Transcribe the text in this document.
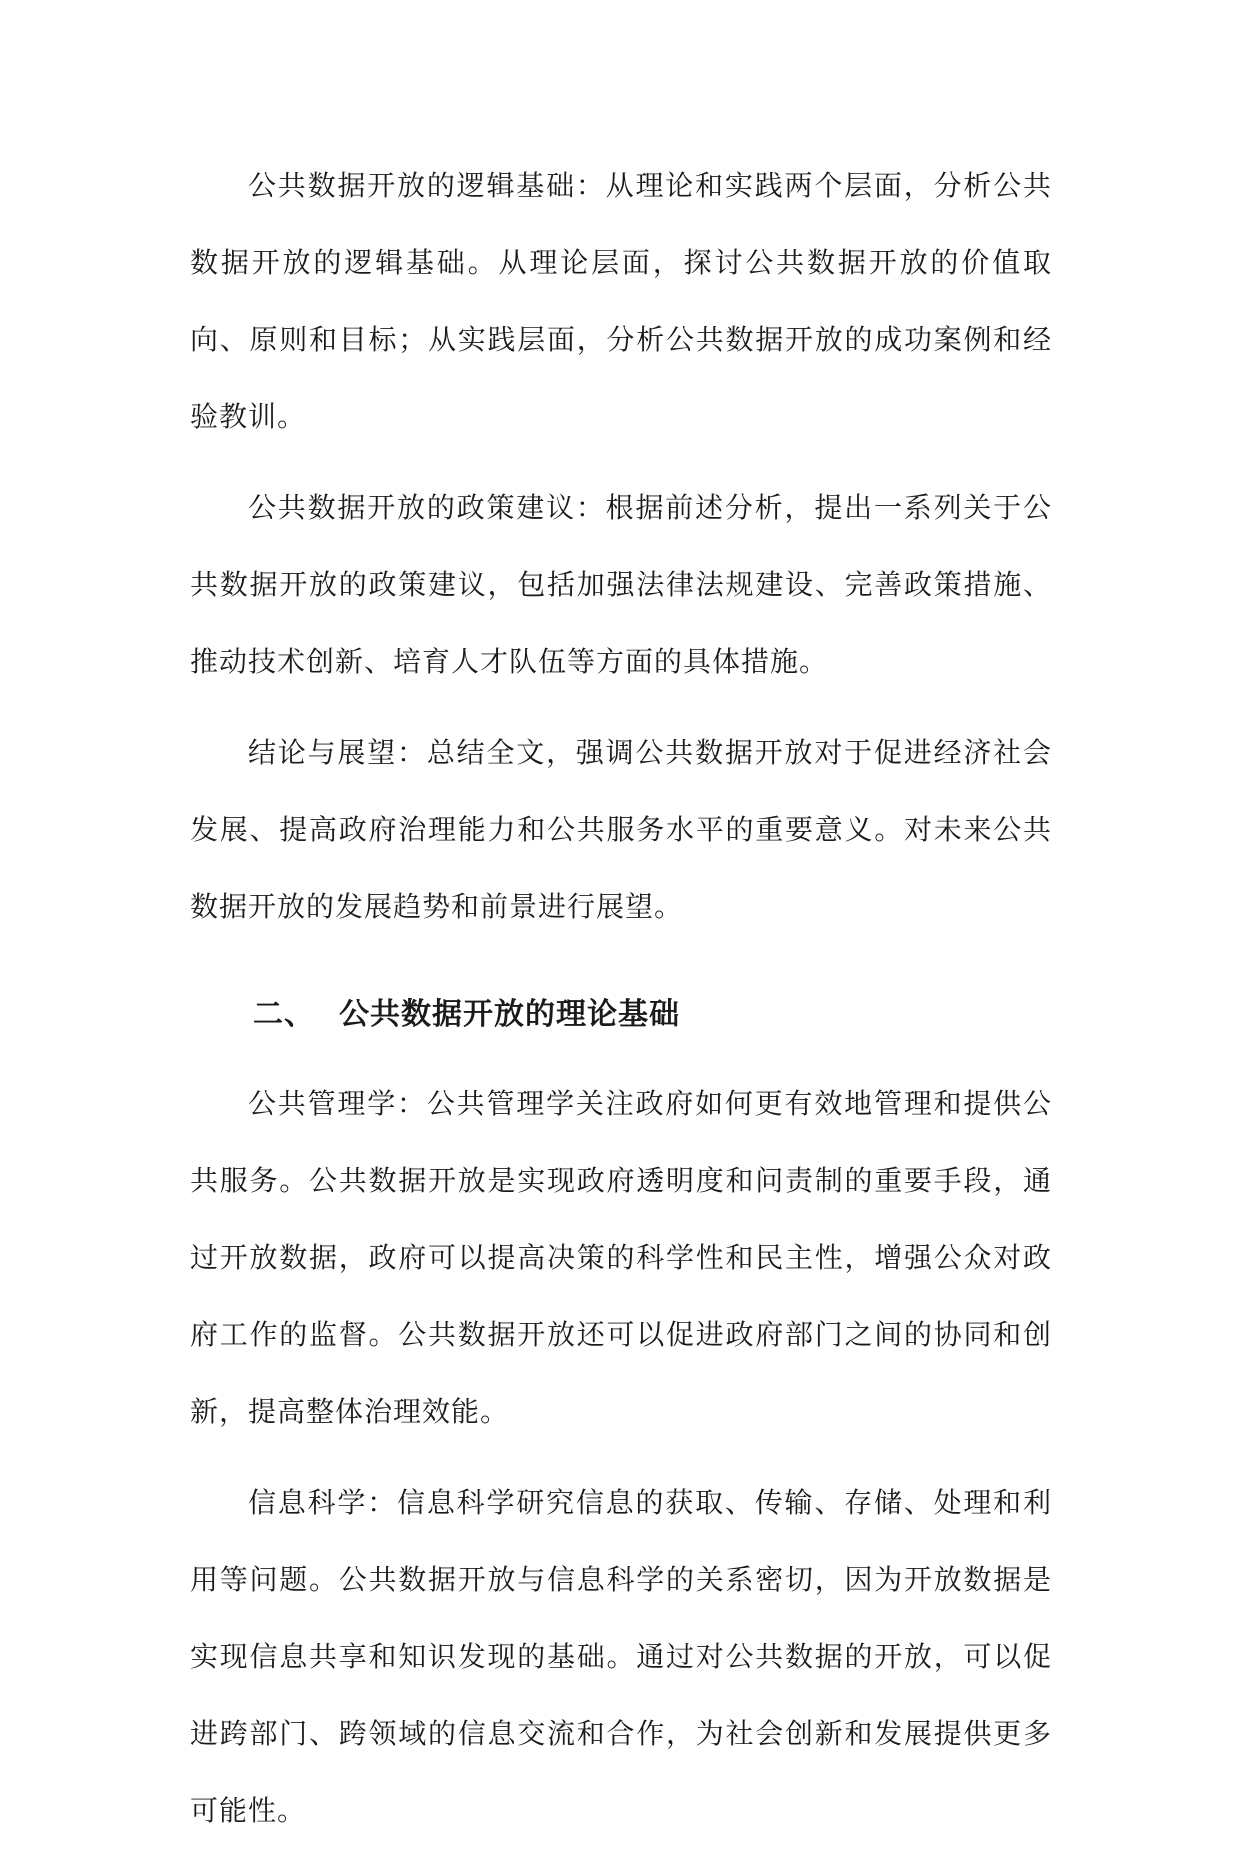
公共数据开放的逻辑基础：从理论和实践两个层面，分析公共数据开放的逻辑基础。从理论层面，探讨公共数据开放的价值取向、原则和目标；从实践层面，分析公共数据开放的成功案例和经验教训。

公共数据开放的政策建议：根据前述分析，提出一系列关于公共数据开放的政策建议，包括加强法律法规建设、完善政策措施、推动技术创新、培育人才队伍等方面的具体措施。

结论与展望：总结全文，强调公共数据开放对于促进经济社会发展、提高政府治理能力和公共服务水平的重要意义。对未来公共数据开放的发展趋势和前景进行展望。

二、 公共数据开放的理论基础

公共管理学：公共管理学关注政府如何更有效地管理和提供公共服务。公共数据开放是实现政府透明度和问责制的重要手段，通过开放数据，政府可以提高决策的科学性和民主性，增强公众对政府工作的监督。公共数据开放还可以促进政府部门之间的协同和创新，提高整体治理效能。

信息科学：信息科学研究信息的获取、传输、存储、处理和利用等问题。公共数据开放与信息科学的关系密切，因为开放数据是实现信息共享和知识发现的基础。通过对公共数据的开放，可以促进跨部门、跨领域的信息交流和合作，为社会创新和发展提供更多可能性。
